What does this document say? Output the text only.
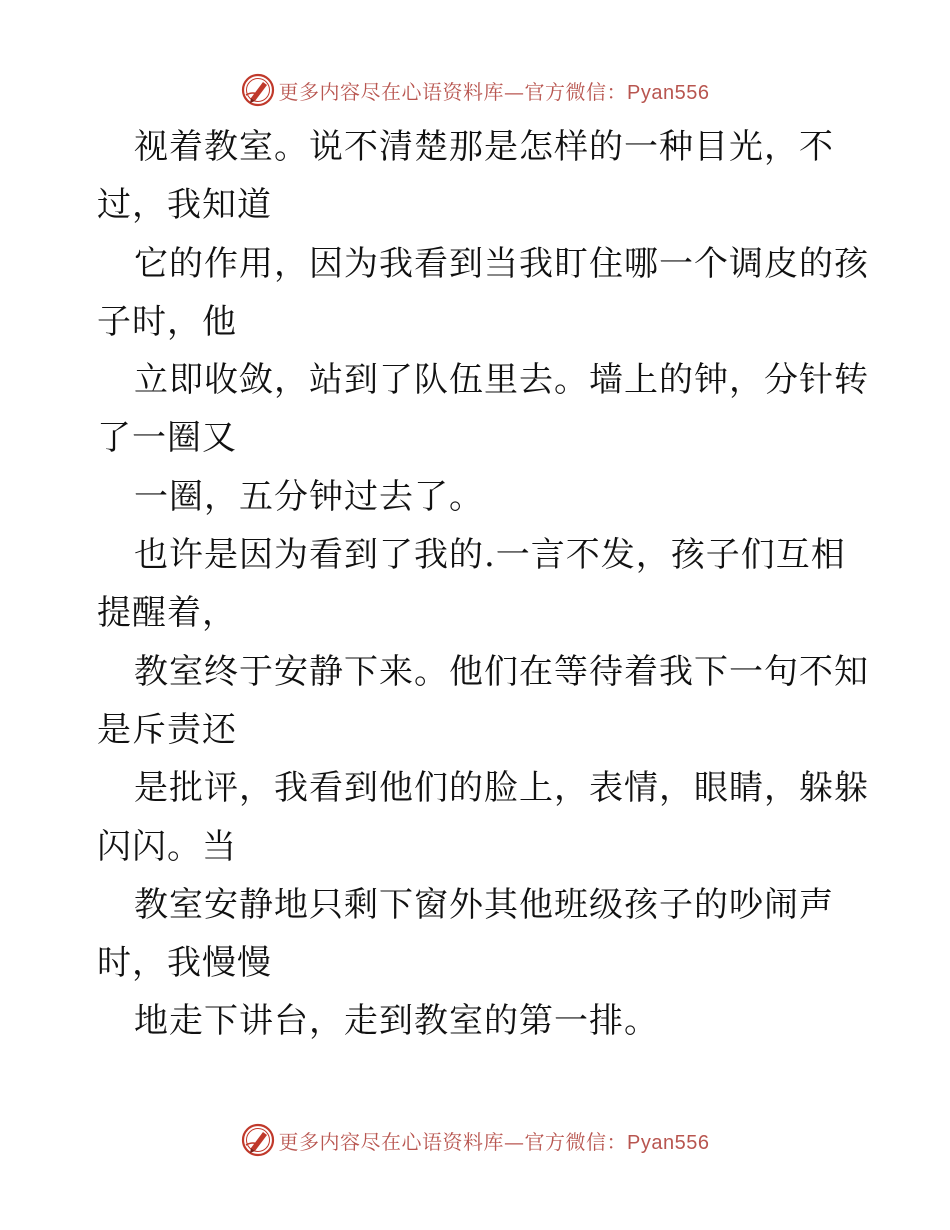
更多内容尽在心语资料库—官方微信：Pyan556
视着教室。说不清楚那是怎样的一种目光，不
过，我知道
它的作用，因为我看到当我盯住哪一个调皮的孩
子时，他
立即收敛，站到了队伍里去。墙上的钟，分针转
了一圈又
一圈，五分钟过去了。
也许是因为看到了我的.一言不发，孩子们互相
提醒着，
教室终于安静下来。他们在等待着我下一句不知
是斥责还
是批评，我看到他们的脸上，表情，眼睛，躲躲
闪闪。当
教室安静地只剩下窗外其他班级孩子的吵闹声
时，我慢慢
地走下讲台，走到教室的第一排。
更多内容尽在心语资料库—官方微信：Pyan556
